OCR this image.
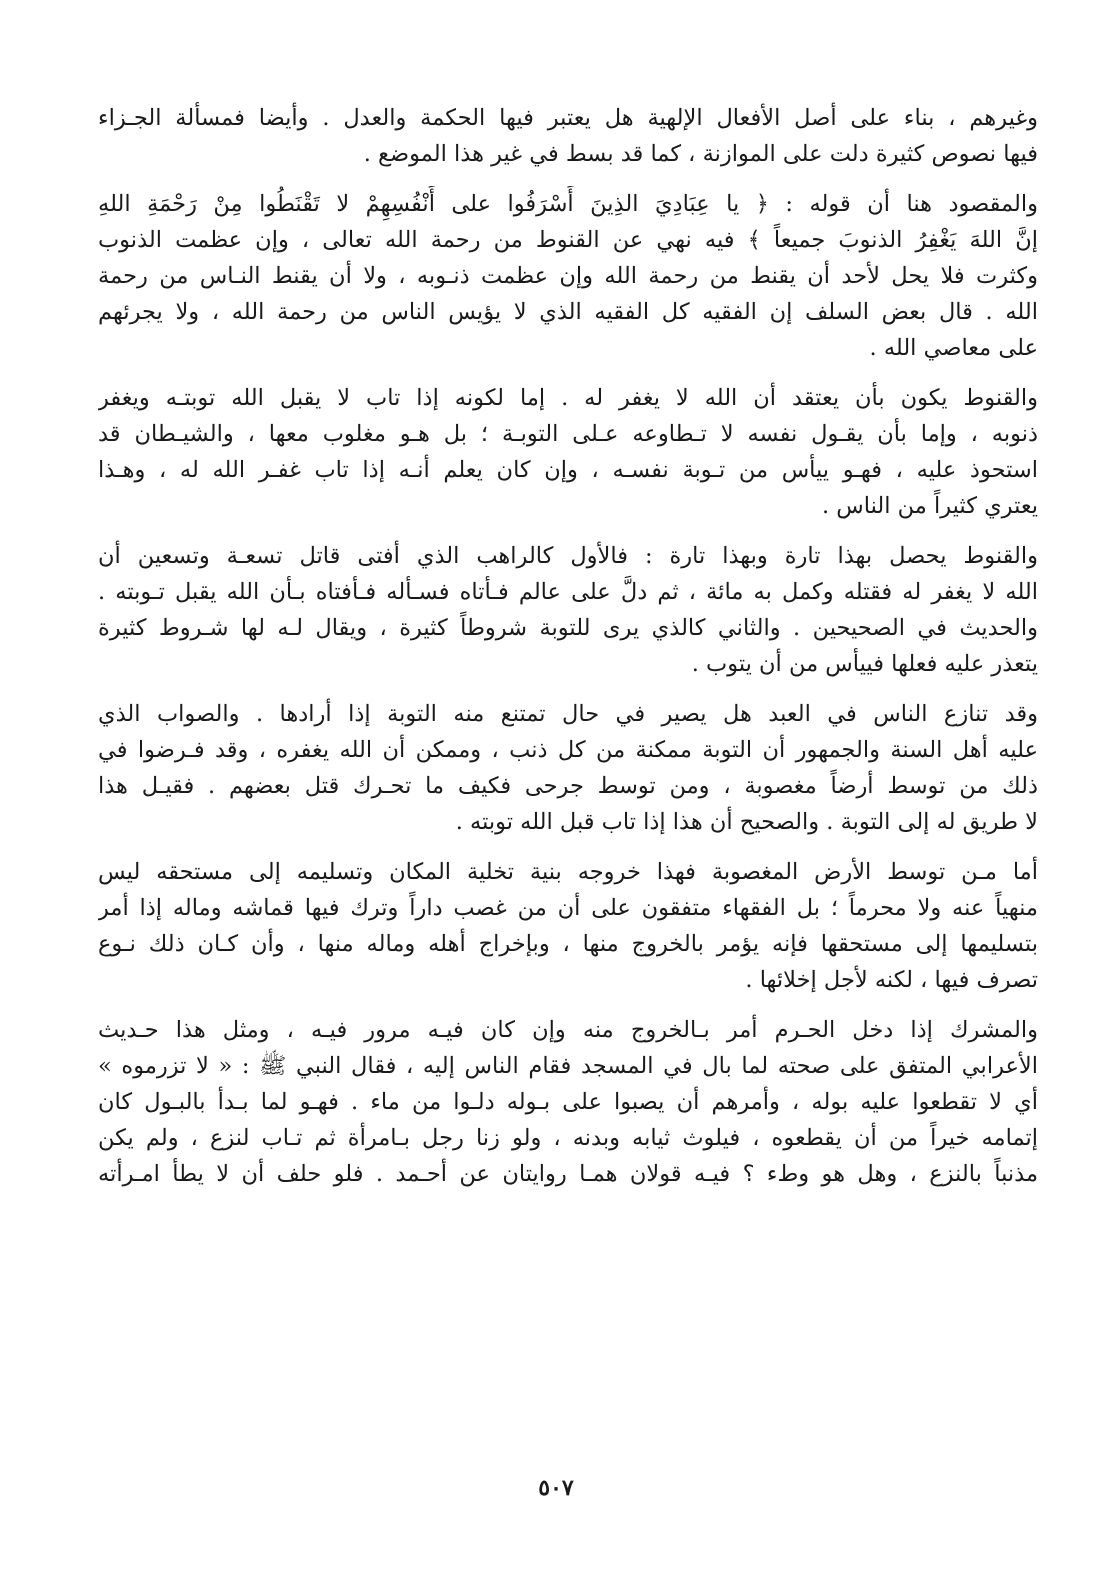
وغيرهم ، بناء على أصل الأفعال الإلهية هل يعتبر فيها الحكمة والعدل . وأيضا فمسألة الجـزاء
فيها نصوص كثيرة دلت على الموازنة ، كما قد بسط في غير هذا الموضع .
والمقصود هنا أن قوله : ﴿ يا عِبَادِيَ الذِينَ أَسْرَفُوا على أَنْفُسِهِمْ لا تَقْنَطُوا مِنْ رَحْمَةِ اللهِ
إنَّ اللهَ يَغْفِرُ الذنوبَ جميعاً ﴾ فيه نهي عن القنوط من رحمة الله تعالى ، وإن عظمت الذنوب
وكثرت فلا يحل لأحد أن يقنط من رحمة الله وإن عظمت ذنـوبه ، ولا أن يقنط النـاس من رحمة
الله . قال بعض السلف إن الفقيه كل الفقيه الذي لا يؤيس الناس من رحمة الله ، ولا يجرئهم
على معاصي الله .
والقنوط يكون بأن يعتقد أن الله لا يغفر له . إما لكونه إذا تاب لا يقبل الله توبتـه ويغفر
ذنوبه ، وإما بأن يقـول نفسه لا تـطاوعه عـلى التوبـة ؛ بل هـو مغلوب معها ، والشيـطان قد
استحوذ عليه ، فهـو ييأس من تـوبة نفسـه ، وإن كان يعلم أنـه إذا تاب غفـر الله له ، وهـذا
يعتري كثيراً من الناس .
والقنوط يحصل بهذا تارة وبهذا تارة : فالأول كالراهب الذي أفتى قاتل تسعـة وتسعين أن
الله لا يغفر له فقتله وكمل به مائة ، ثم دلَّ على عالم فـأتاه فسـأله فـأفتاه بـأن الله يقبل تـوبته .
والحديث في الصحيحين . والثاني كالذي يرى للتوبة شروطاً كثيرة ، ويقال لـه لها شـروط كثيرة
يتعذر عليه فعلها فييأس من أن يتوب .
وقد تنازع الناس في العبد هل يصير في حال تمتنع منه التوبة إذا أرادها . والصواب الذي
عليه أهل السنة والجمهور أن التوبة ممكنة من كل ذنب ، وممكن أن الله يغفره ، وقد فـرضوا في
ذلك من توسط أرضاً مغصوبة ، ومن توسط جرحى فكيف ما تحـرك قتل بعضهم . فقيـل هذا
لا طريق له إلى التوبة . والصحيح أن هذا إذا تاب قبل الله توبته .
أما مـن توسط الأرض المغصوبة فهذا خروجه بنية تخلية المكان وتسليمه إلى مستحقه ليس
منهياً عنه ولا محرماً ؛ بل الفقهاء متفقون على أن من غصب داراً وترك فيها قماشه وماله إذا أمر
بتسليمها إلى مستحقها فإنه يؤمر بالخروج منها ، وبإخراج أهله وماله منها ، وأن كـان ذلك نـوع
تصرف فيها ، لكنه لأجل إخلائها .
والمشرك إذا دخل الحـرم أمر بـالخروج منه وإن كان فيـه مرور فيـه ، ومثل هذا حـديث
الأعرابي المتفق على صحته لما بال في المسجد فقام الناس إليه ، فقال النبي ﷺ : « لا تزرموه »
أي لا تقطعوا عليه بوله ، وأمرهم أن يصبوا على بـوله دلـوا من ماء . فهـو لما بـدأ بالبـول كان
إتمامه خيراً من أن يقطعوه ، فيلوث ثيابه وبدنه ، ولو زنا رجل بـامرأة ثم تـاب لنزع ، ولم يكن
مذنباً بالنزع ، وهل هو وطء ؟ فيـه قولان همـا روايتان عن أحـمد . فلو حلف أن لا يطأ امـرأته
٥٠٧
